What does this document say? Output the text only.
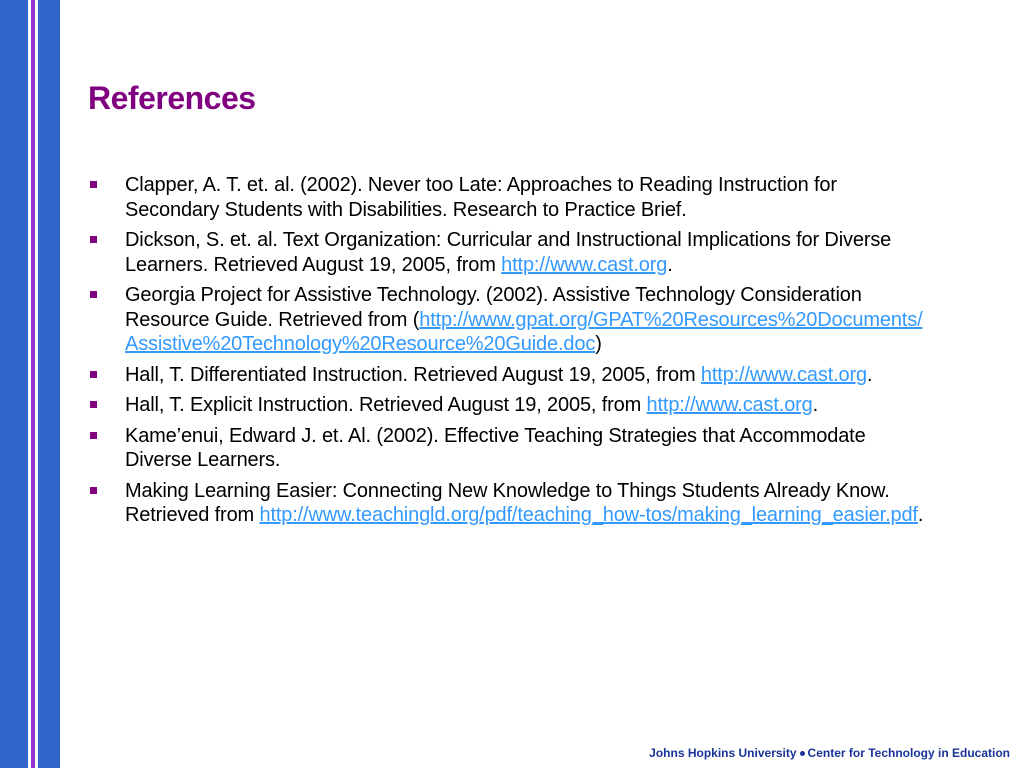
References
Clapper, A. T. et. al. (2002). Never too Late: Approaches to Reading Instruction for Secondary Students with Disabilities. Research to Practice Brief.
Dickson, S. et. al. Text Organization: Curricular and Instructional Implications for Diverse Learners. Retrieved August 19, 2005, from http://www.cast.org.
Georgia Project for Assistive Technology. (2002). Assistive Technology Consideration Resource Guide. Retrieved from (http://www.gpat.org/GPAT%20Resources%20Documents/Assistive%20Technology%20Resource%20Guide.doc)
Hall, T. Differentiated Instruction. Retrieved August 19, 2005, from http://www.cast.org.
Hall, T. Explicit Instruction. Retrieved August 19, 2005, from http://www.cast.org.
Kame’enui, Edward J. et. Al. (2002). Effective Teaching Strategies that Accommodate Diverse Learners.
Making Learning Easier: Connecting New Knowledge to Things Students Already Know. Retrieved from http://www.teachingld.org/pdf/teaching_how-tos/making_learning_easier.pdf.
Johns Hopkins University Center for Technology in Education
